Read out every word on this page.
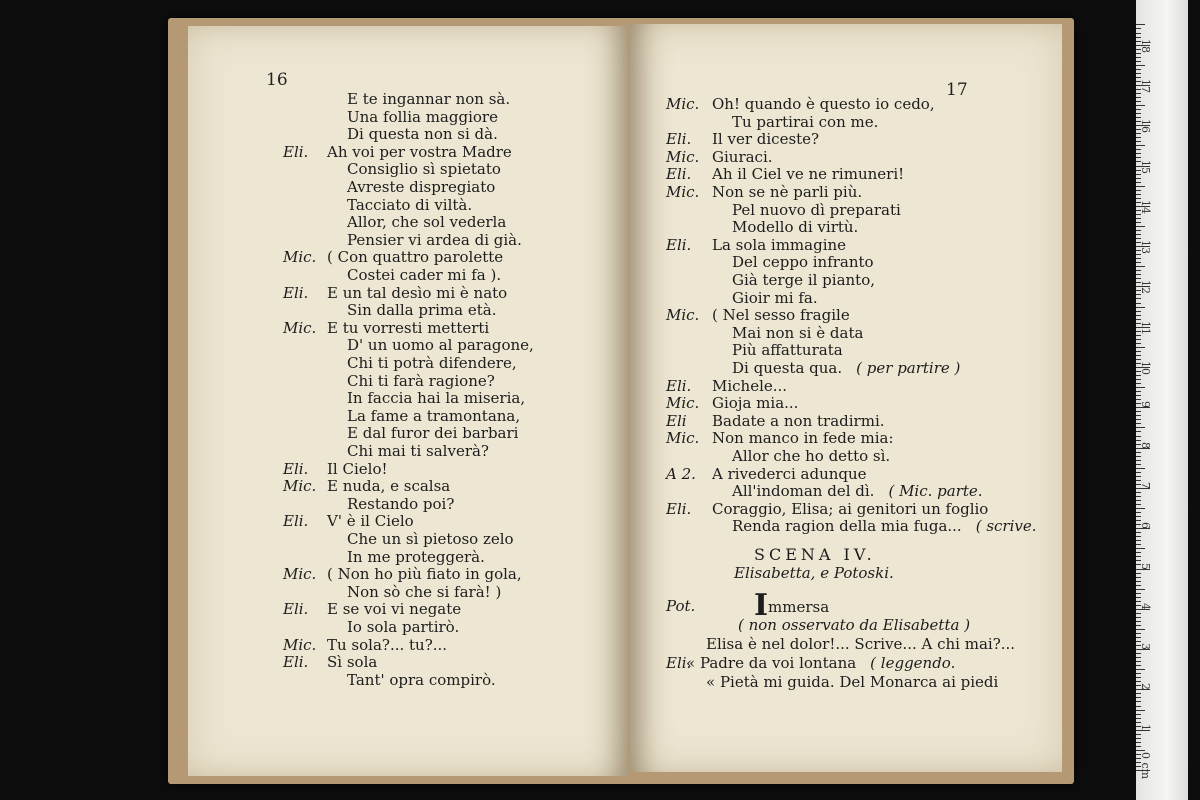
16	17
E te ingannar non sà.
Una follia maggiore
Di questa non si dà.
Eli. Ah voi per vostra Madre
Consiglio sì spietato
Avreste dispregiato
Tacciato di viltà.
Allor, che sol vederla
Pensier vi ardea di già.
Mic. ( Con quattro parolette
Costei cader mi fa ).
Eli. E un tal desìo mi è nato
Sin dalla prima età.
Mic. E tu vorresti metterti
D' un uomo al paragone,
Chi ti potrà difendere,
Chi ti farà ragione?
In faccia hai la miseria,
La fame a tramontana,
E dal furor dei barbari
Chi mai ti salverà?
Eli. Il Cielo!
Mic. E nuda, e scalsa
Restando poi?
Eli. V' è il Cielo
Che un sì pietoso zelo
In me proteggerà.
Mic. ( Non ho più fiato in gola,
Non sò che si farà! )
Eli. E se voi vi negate
Io sola partirò.
Mic. Tu sola?... tu?...
Eli. Sì sola
Tant' opra compirò.
Mic. Oh! quando è questo io cedo,
Tu partirai con me.
Eli. Il ver diceste?
Mic. Giuraci.
Eli. Ah il Ciel ve ne rimuneri!
Mic. Non se nè parli più.
Pel nuovo dì preparati
Modello di virtù.
Eli. La sola immagine
Del ceppo infranto
Già terge il pianto,
Gioir mi fa.
Mic. ( Nel sesso fragile
Mai non si è data
Più affatturata
Di questa qua. ( per partire )
Eli. Michele...
Mic. Gioja mia...
Eli Badate a non tradirmi.
Mic. Non manco in fede mia:
Allor che ho detto sì.
A 2. A rivederci adunque
All'indoman del dì. ( Mic. parte.
Eli. Coraggio, Elisa; ai genitori un foglio
Renda ragion della mia fuga... ( scrive.
Pot. Immersa
( non osservato da Elisabetta )
Elisa è nel dolor!... Scrive... A chi mai?...
Eli.
« Padre da voi lontana ( leggendo.
« Pietà mi guida. Del Monarca ai piedi
SCENA IV.
Elisabetta, e Potoski.
0 cm
1
2
3
4
5
6
7
8
9
10
11
12
13
14
15
16
17
18
